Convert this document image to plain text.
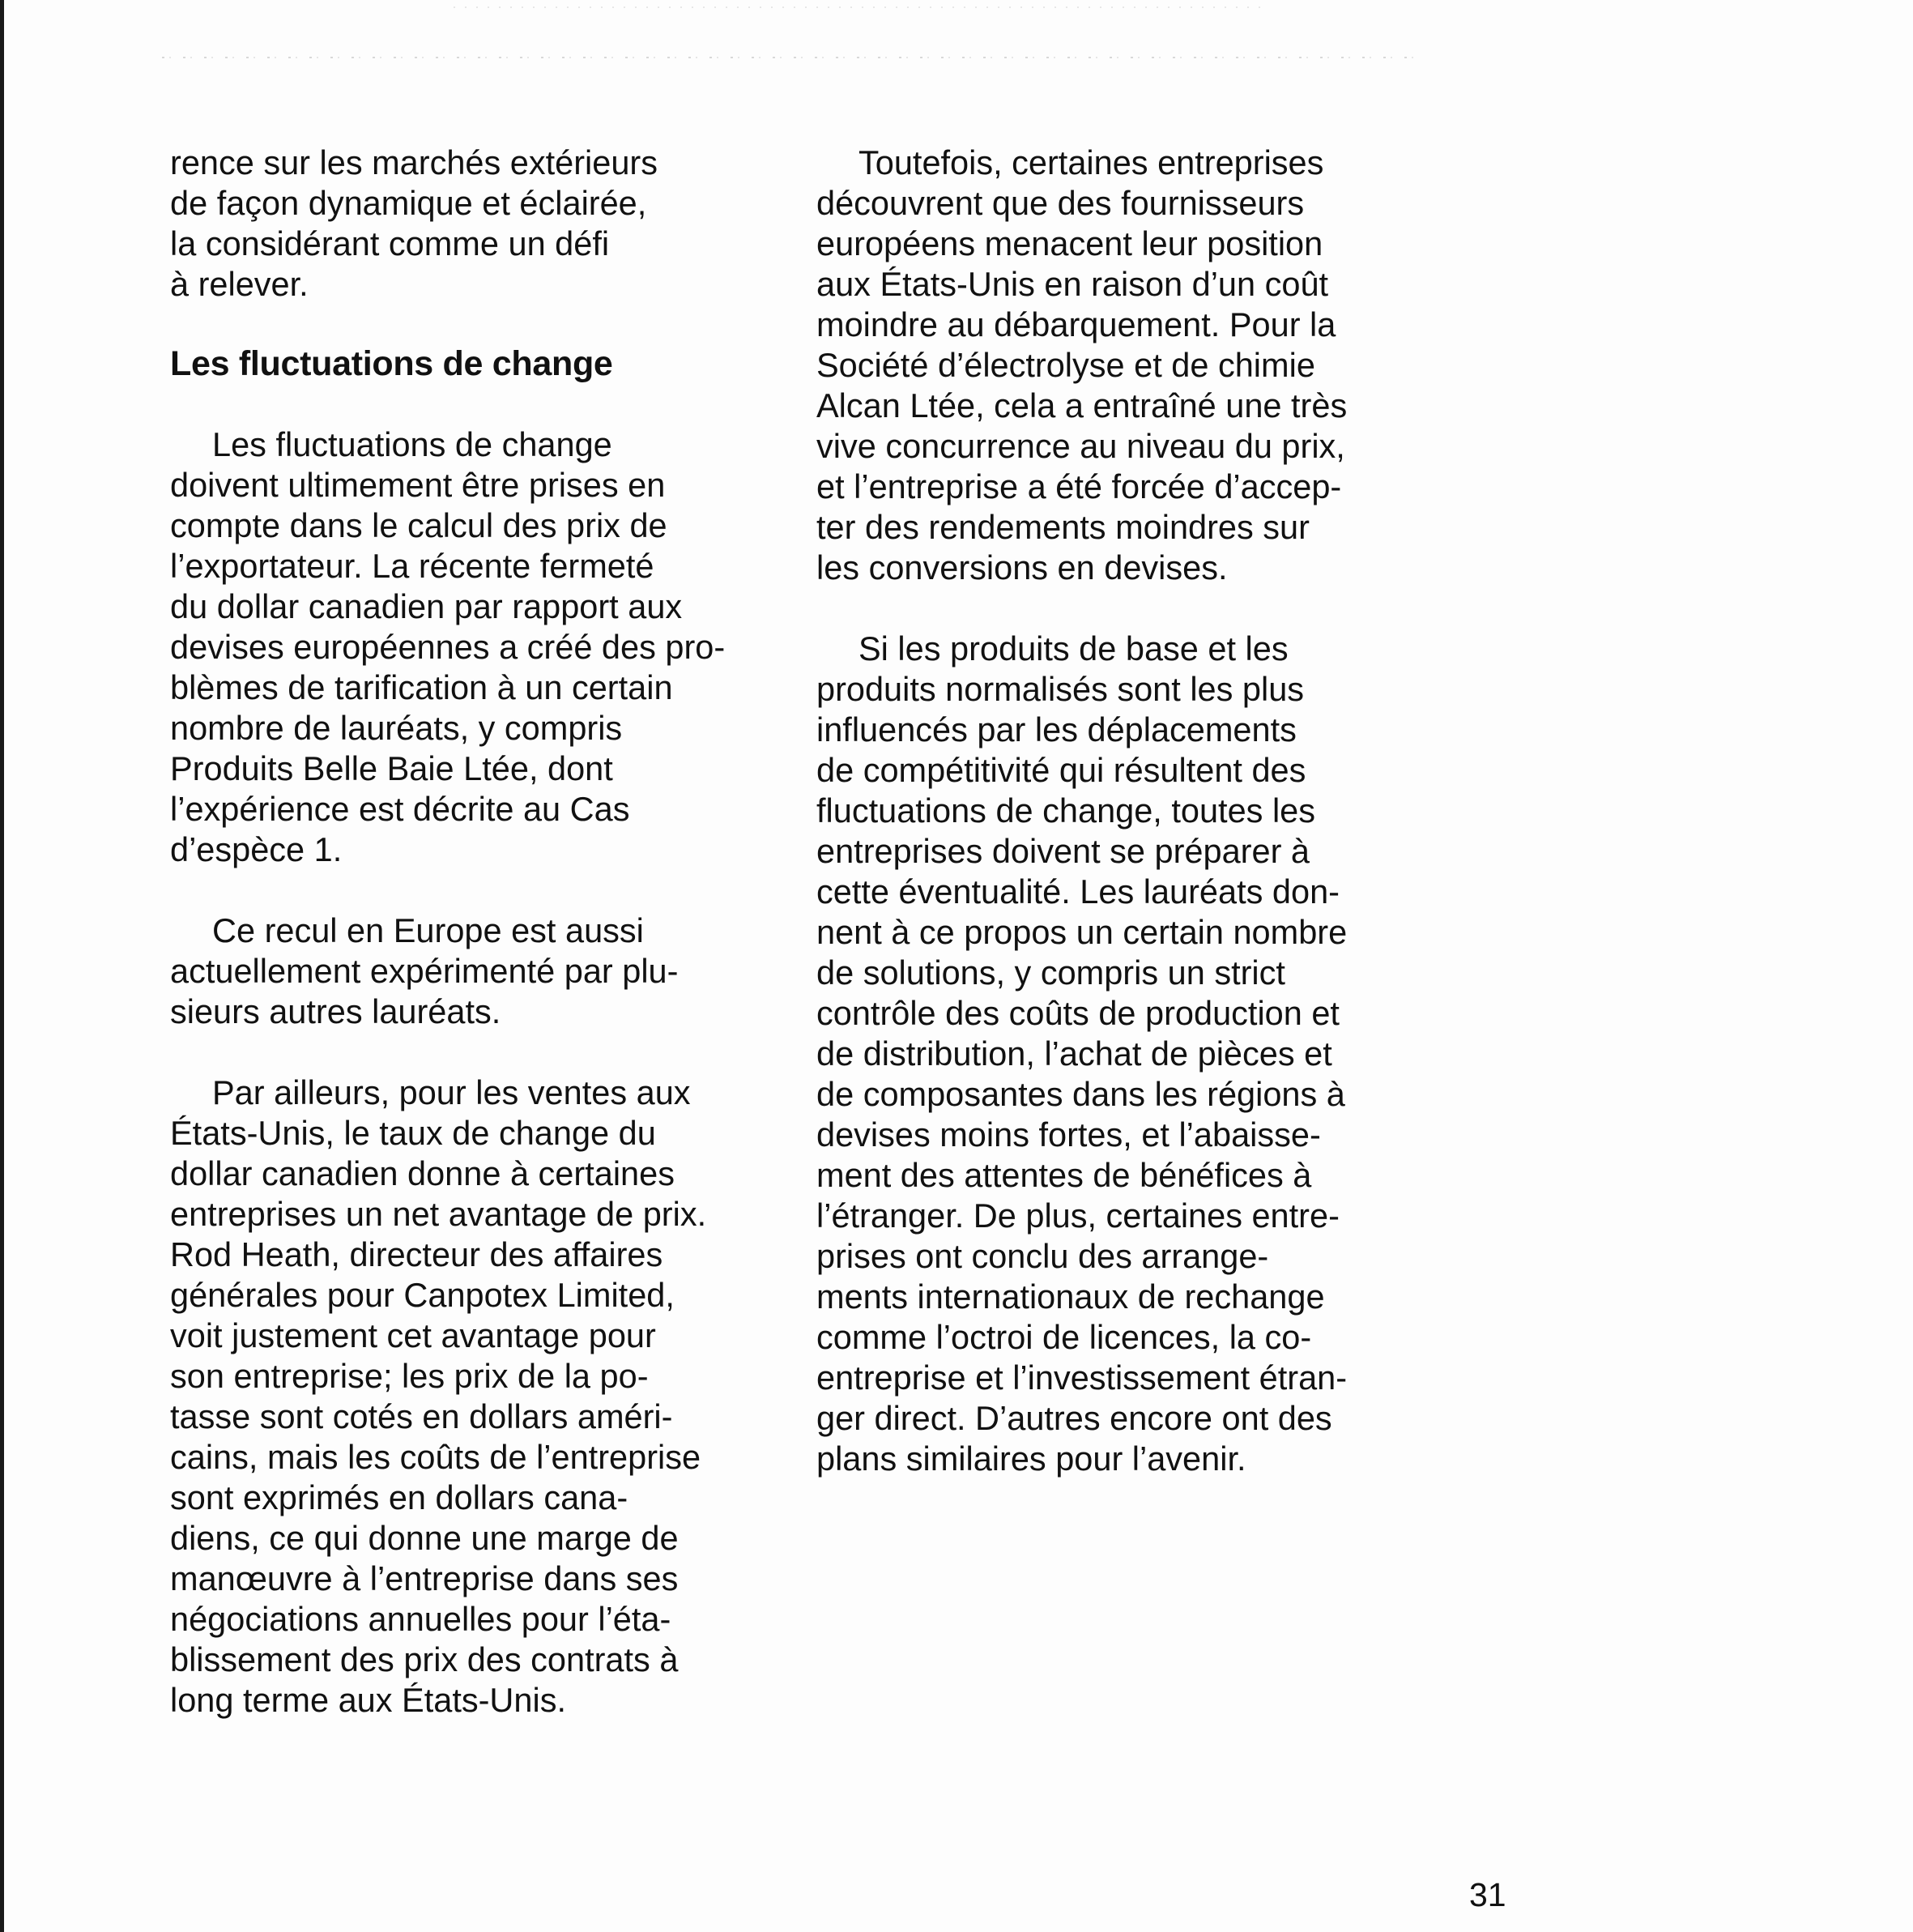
rence sur les marchés extérieurs
de façon dynamique et éclairée,
la considérant comme un défi
à relever.

Les fluctuations de change

Les fluctuations de change
doivent ultimement être prises en
compte dans le calcul des prix de
l’exportateur. La récente fermeté
du dollar canadien par rapport aux
devises européennes a créé des pro-
blèmes de tarification à un certain
nombre de lauréats, y compris
Produits Belle Baie Ltée, dont
l’expérience est décrite au Cas
d’espèce 1.

Ce recul en Europe est aussi
actuellement expérimenté par plu-
sieurs autres lauréats.

Par ailleurs, pour les ventes aux
États-Unis, le taux de change du
dollar canadien donne à certaines
entreprises un net avantage de prix.
Rod Heath, directeur des affaires
générales pour Canpotex Limited,
voit justement cet avantage pour
son entreprise; les prix de la po-
tasse sont cotés en dollars améri-
cains, mais les coûts de l’entreprise
sont exprimés en dollars cana-
diens, ce qui donne une marge de
manœuvre à l’entreprise dans ses
négociations annuelles pour l’éta-
blissement des prix des contrats à
long terme aux États-Unis.

Toutefois, certaines entreprises
découvrent que des fournisseurs
européens menacent leur position
aux États-Unis en raison d’un coût
moindre au débarquement. Pour la
Société d’électrolyse et de chimie
Alcan Ltée, cela a entraîné une très
vive concurrence au niveau du prix,
et l’entreprise a été forcée d’accep-
ter des rendements moindres sur
les conversions en devises.

Si les produits de base et les
produits normalisés sont les plus
influencés par les déplacements
de compétitivité qui résultent des
fluctuations de change, toutes les
entreprises doivent se préparer à
cette éventualité. Les lauréats don-
nent à ce propos un certain nombre
de solutions, y compris un strict
contrôle des coûts de production et
de distribution, l’achat de pièces et
de composantes dans les régions à
devises moins fortes, et l’abaisse-
ment des attentes de bénéfices à
l’étranger. De plus, certaines entre-
prises ont conclu des arrange-
ments internationaux de rechange
comme l’octroi de licences, la co-
entreprise et l’investissement étran-
ger direct. D’autres encore ont des
plans similaires pour l’avenir.

31
